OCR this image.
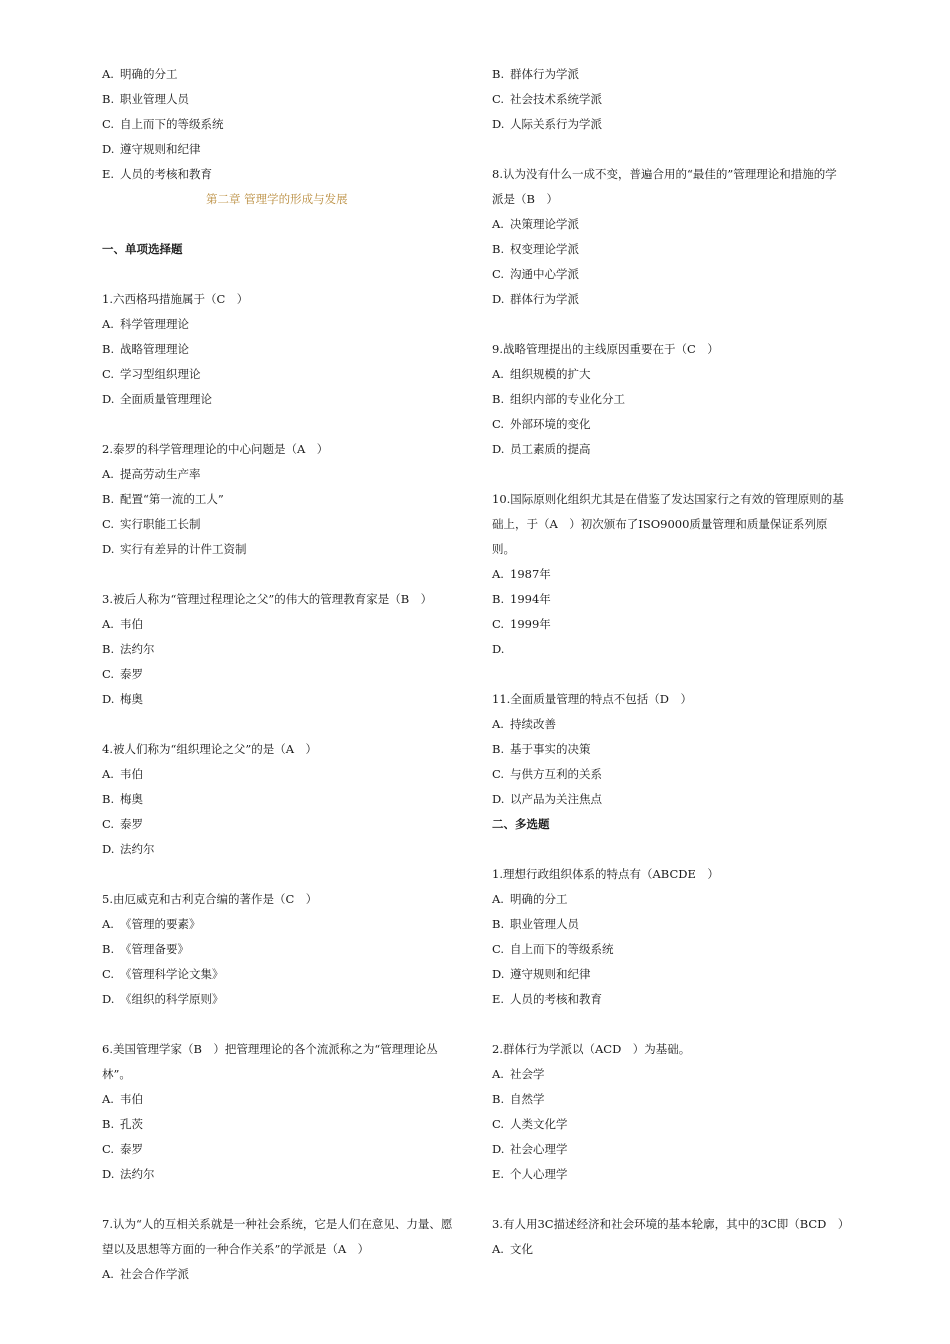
A. 明确的分工
B. 职业管理人员
C. 自上而下的等级系统
D. 遵守规则和纪律
E. 人员的考核和教育
第二章 管理学的形成与发展
一、单项选择题
1.六西格玛措施属于（C　）
A. 科学管理理论
B. 战略管理理论
C. 学习型组织理论
D. 全面质量管理理论
2.泰罗的科学管理理论的中心问题是（A　）
A. 提高劳动生产率
B. 配置“第一流的工人”
C. 实行职能工长制
D. 实行有差异的计件工资制
3.被后人称为“管理过程理论之父”的伟大的管理教育家是（B　）
A. 韦伯
B. 法约尔
C. 泰罗
D. 梅奥
4.被人们称为“组织理论之父”的是（A　）
A. 韦伯
B. 梅奥
C. 泰罗
D. 法约尔
5.由厄威克和古利克合编的著作是（C　）
A. 《管理的要素》
B. 《管理备要》
C. 《管理科学论文集》
D. 《组织的科学原则》
6.美国管理学家（B　）把管理理论的各个流派称之为“管理理论丛林”。
A. 韦伯
B. 孔茨
C. 泰罗
D. 法约尔
7.认为“人的互相关系就是一种社会系统，它是人们在意见、力量、愿望以及思想等方面的一种合作关系”的学派是（A　）
A. 社会合作学派
B. 群体行为学派
C. 社会技术系统学派
D. 人际关系行为学派
8.认为没有什么一成不变，普遍合用的“最佳的”管理理论和措施的学派是（B　）
A. 决策理论学派
B. 权变理论学派
C. 沟通中心学派
D. 群体行为学派
9.战略管理提出的主线原因重要在于（C　）
A. 组织规模的扩大
B. 组织内部的专业化分工
C. 外部环境的变化
D. 员工素质的提高
10.国际原则化组织尤其是在借鉴了发达国家行之有效的管理原则的基础上，于（A　）初次颁布了ISO9000质量管理和质量保证系列原则。
A. 1987年
B. 1994年
C. 1999年
D.
11.全面质量管理的特点不包括（D　）
A. 持续改善
B. 基于事实的决策
C. 与供方互利的关系
D. 以产品为关注焦点
二、多选题
1.理想行政组织体系的特点有（ABCDE　）
A. 明确的分工
B. 职业管理人员
C. 自上而下的等级系统
D. 遵守规则和纪律
E. 人员的考核和教育
2.群体行为学派以（ACD　）为基础。
A. 社会学
B. 自然学
C. 人类文化学
D. 社会心理学
E. 个人心理学
3.有人用3C描述经济和社会环境的基本轮廓，其中的3C即（BCD　）
A. 文化
